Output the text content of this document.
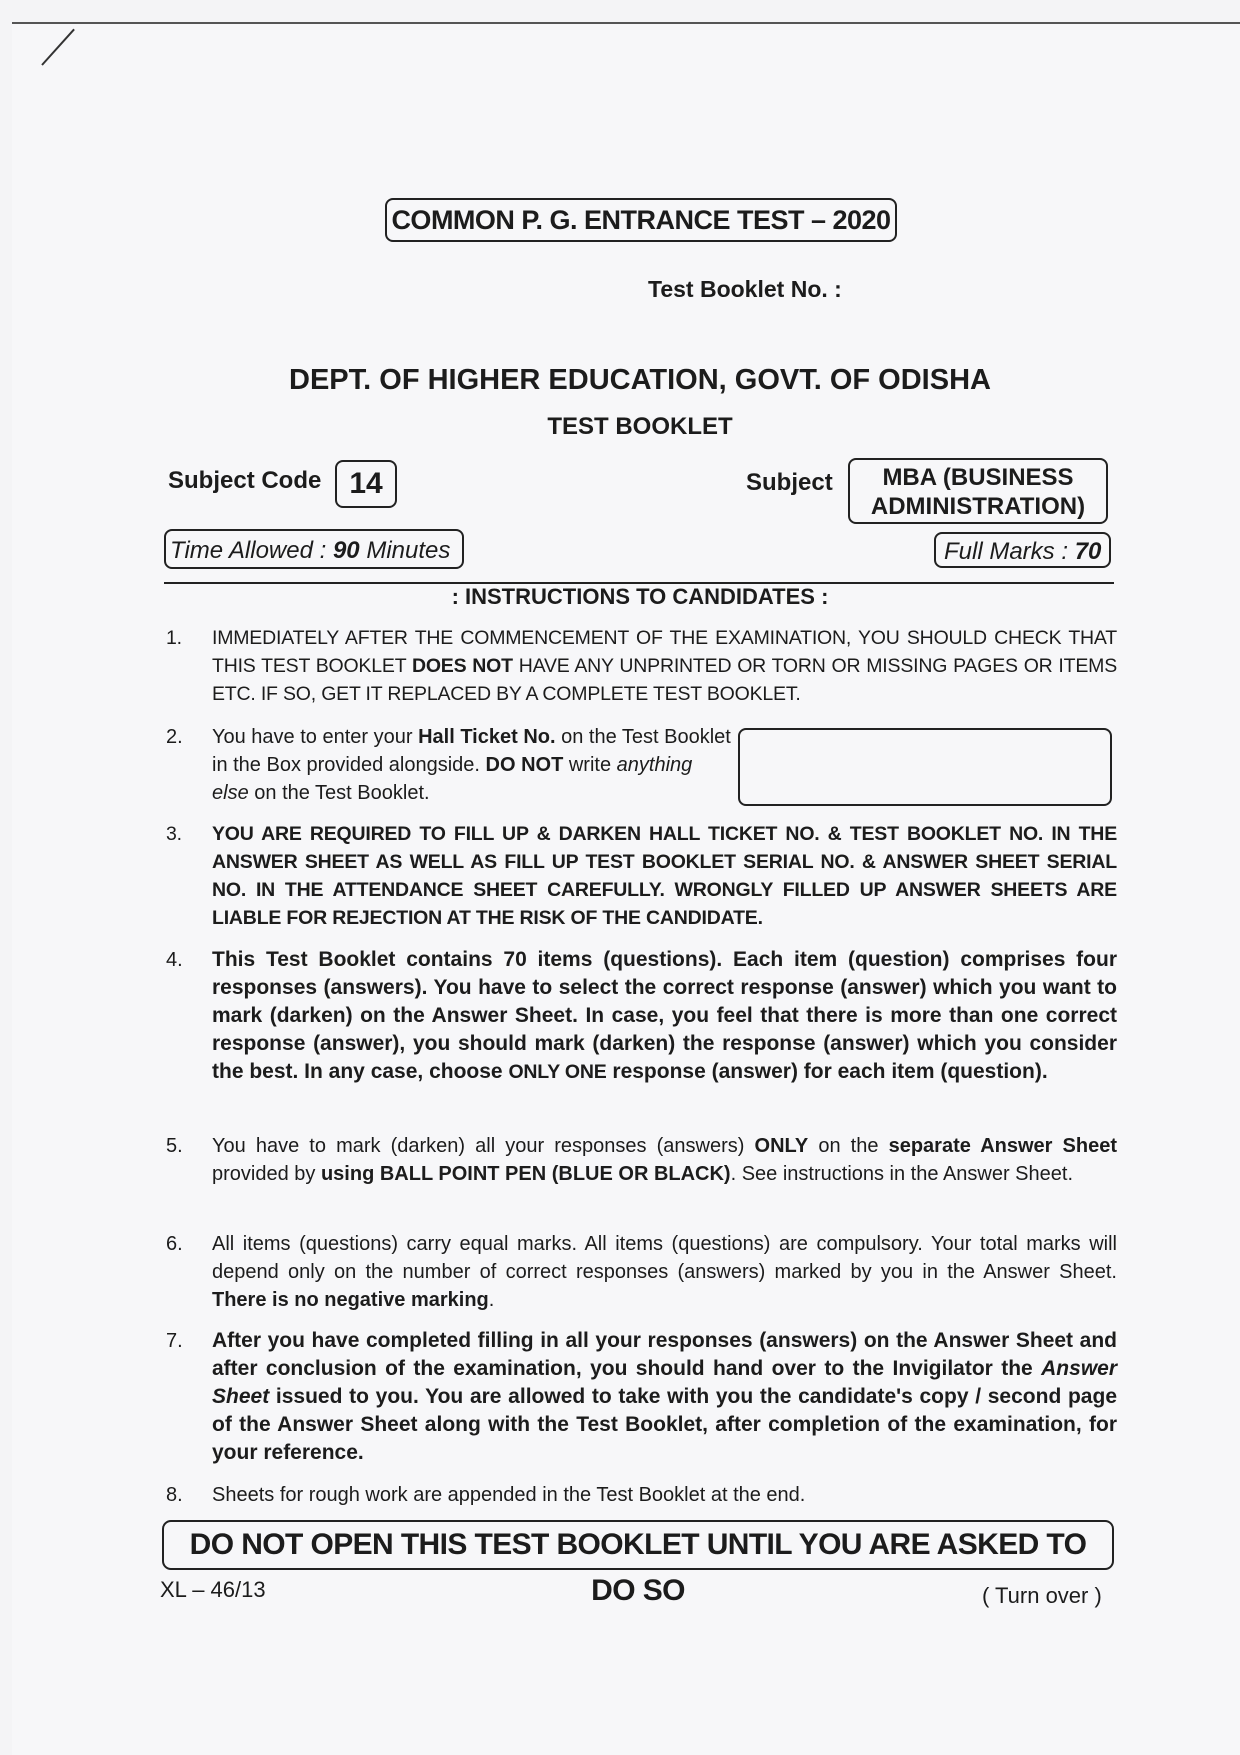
COMMON P. G. ENTRANCE TEST – 2020
Test Booklet No. :
DEPT. OF HIGHER EDUCATION, GOVT. OF ODISHA
TEST BOOKLET
Subject Code 14	Subject	MBA (BUSINESS
ADMINISTRATION)
Time Allowed : 90 Minutes	Full Marks : 70
: INSTRUCTIONS TO CANDIDATES :
1. IMMEDIATELY AFTER THE COMMENCEMENT OF THE EXAMINATION, YOU SHOULD CHECK THAT THIS TEST BOOKLET DOES NOT HAVE ANY UNPRINTED OR TORN OR MISSING PAGES OR ITEMS ETC. IF SO, GET IT REPLACED BY A COMPLETE TEST BOOKLET.
2. You have to enter your Hall Ticket No. on the Test Booklet in the Box provided alongside. DO NOT write anything else on the Test Booklet.
3. YOU ARE REQUIRED TO FILL UP & DARKEN HALL TICKET NO. & TEST BOOKLET NO. IN THE ANSWER SHEET AS WELL AS FILL UP TEST BOOKLET SERIAL NO. & ANSWER SHEET SERIAL NO. IN THE ATTENDANCE SHEET CAREFULLY. WRONGLY FILLED UP ANSWER SHEETS ARE LIABLE FOR REJECTION AT THE RISK OF THE CANDIDATE.
4. This Test Booklet contains 70 items (questions). Each item (question) comprises four responses (answers). You have to select the correct response (answer) which you want to mark (darken) on the Answer Sheet. In case, you feel that there is more than one correct response (answer), you should mark (darken) the response (answer) which you consider the best. In any case, choose ONLY ONE response (answer) for each item (question).
5. You have to mark (darken) all your responses (answers) ONLY on the separate Answer Sheet provided by using BALL POINT PEN (BLUE OR BLACK). See instructions in the Answer Sheet.
6. All items (questions) carry equal marks. All items (questions) are compulsory. Your total marks will depend only on the number of correct responses (answers) marked by you in the Answer Sheet. There is no negative marking.
7. After you have completed filling in all your responses (answers) on the Answer Sheet and after conclusion of the examination, you should hand over to the Invigilator the Answer Sheet issued to you. You are allowed to take with you the candidate's copy / second page of the Answer Sheet along with the Test Booklet, after completion of the examination, for your reference.
8. Sheets for rough work are appended in the Test Booklet at the end.
DO NOT OPEN THIS TEST BOOKLET UNTIL YOU ARE ASKED TO DO SO
XL – 46/13	( Turn over )
